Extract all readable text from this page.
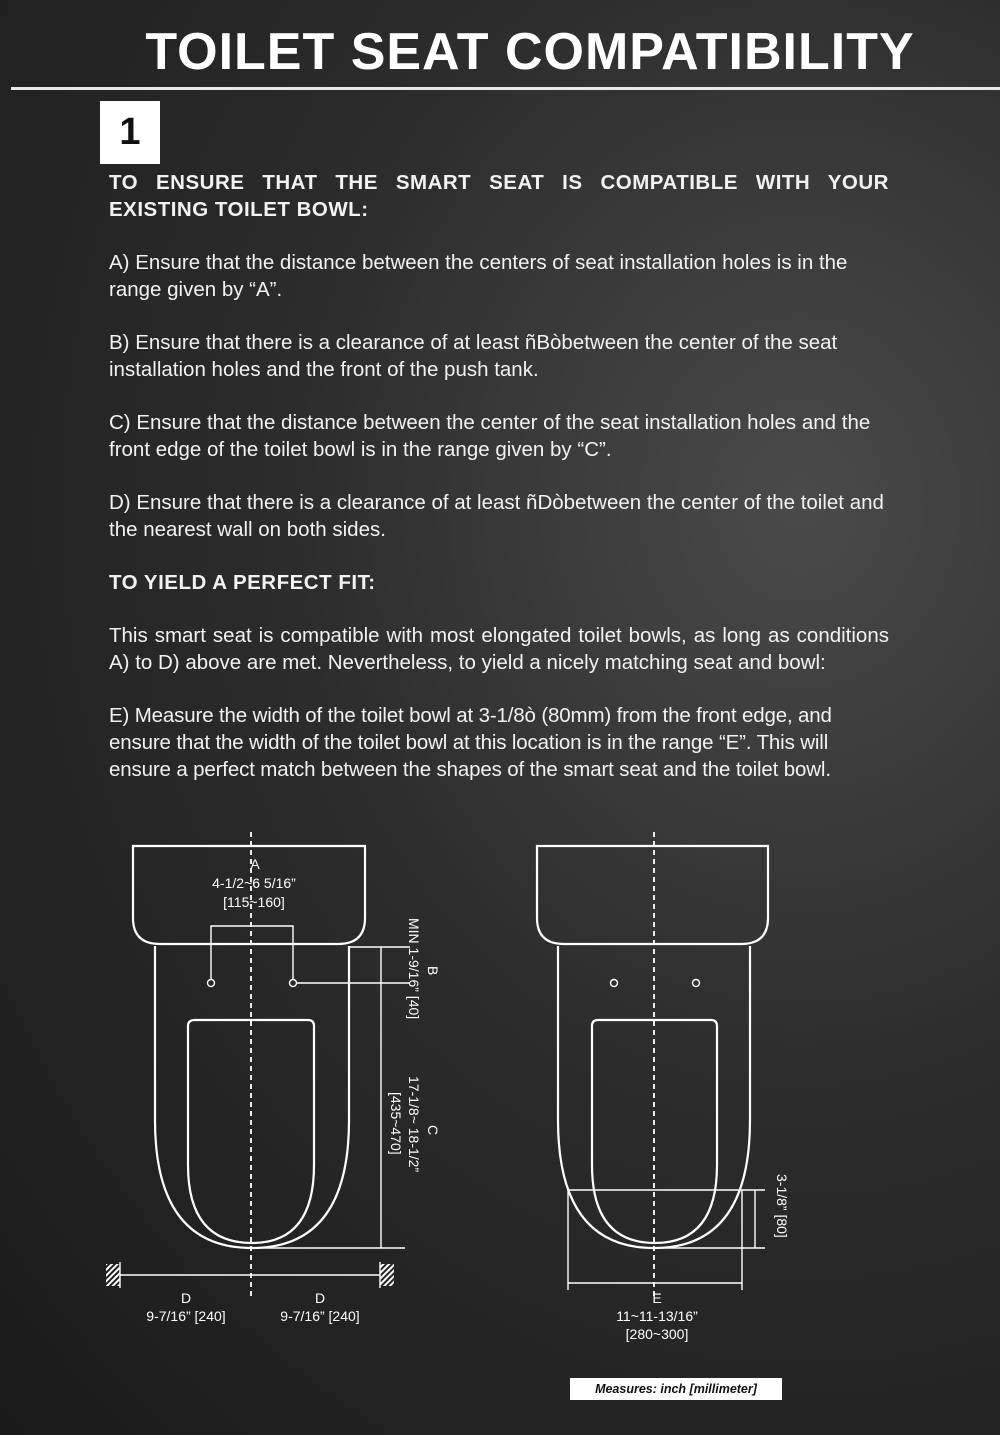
TOILET SEAT COMPATIBILITY
1
TO ENSURE THAT THE SMART SEAT IS COMPATIBLE WITH YOUR EXISTING TOILET BOWL:

A) Ensure that the distance between the centers of seat installation holes is in the range given by “A”.

B) Ensure that there is a clearance of at least ñBòbetween the center of the seat installation holes and the front of the push tank.

C) Ensure that the distance between the center of the seat installation holes and the front edge of the toilet bowl is in the range given by “C”.

D) Ensure that there is a clearance of at least ñDòbetween the center of the toilet and the nearest wall on both sides.

TO YIELD A PERFECT FIT:

This smart seat is compatible with most elongated toilet bowls, as long as conditions A) to D) above are met. Nevertheless, to yield a nicely matching seat and bowl:

E) Measure the width of the toilet bowl at 3-1/8ò (80mm) from the front edge, and ensure that the width of the toilet bowl at this location is in the range “E”. This will ensure a perfect match between the shapes of the smart seat and the toilet bowl.

A
4-1/2~6 5/16”
[115~160]
MIN 1-9/16” [40] B
[435~470] 17-1/8~ 18-1/2” C
D
9-7/16” [240]
D
9-7/16” [240]
3-1/8” [80]
E
11~11-13/16”
[280~300]
Measures: inch [millimeter]
